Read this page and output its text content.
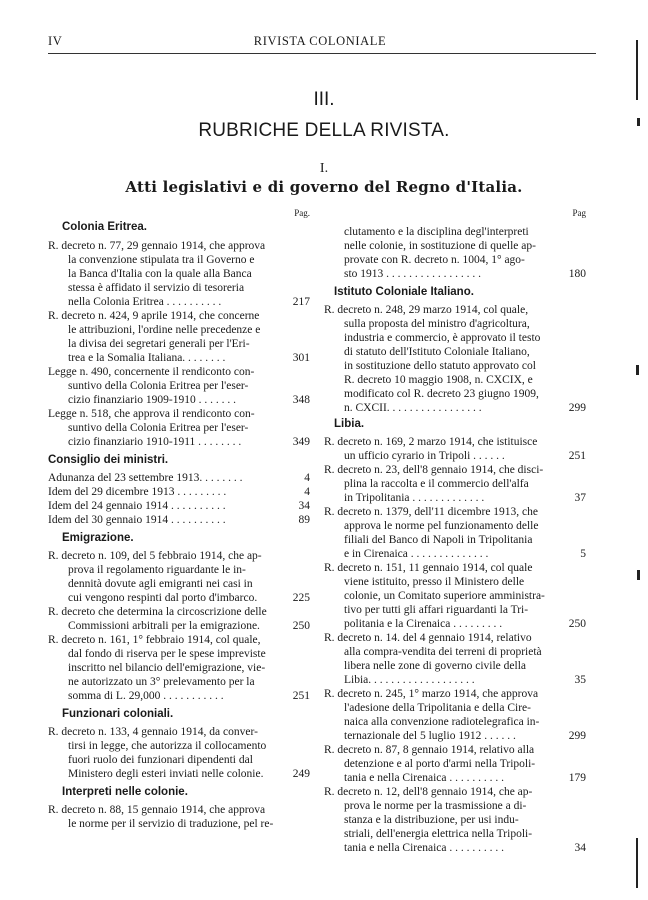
IV	RIVISTA COLONIALE
III.
RUBRICHE DELLA RIVISTA.
I.
Atti legislativi e di governo del Regno d'Italia.
Pag.
Colonia Eritrea.
R. decreto n. 77, 29 gennaio 1914, che approva
la convenzione stipulata tra il Governo e
la Banca d'Italia con la quale alla Banca
stessa è affidato il servizio di tesoreria
nella Colonia Eritrea . . . . . . . . . .	217
R. decreto n. 424, 9 aprile 1914, che concerne
le attribuzioni, l'ordine nelle precedenze e
la divisa dei segretari generali per l'Eri-
trea e la Somalia Italiana. . . . . . . .	301
Legge n. 490, concernente il rendiconto con-
suntivo della Colonia Eritrea per l'eser-
cizio finanziario 1909-1910 . . . . . . .	348
Legge n. 518, che approva il rendiconto con-
suntivo della Colonia Eritrea per l'eser-
cizio finanziario 1910-1911 . . . . . . . .	349
Consiglio dei ministri.
Adunanza del 23 settembre 1913. . . . . . . .	4
Idem del 29 dicembre 1913 . . . . . . . . .	4
Idem del 24 gennaio 1914 . . . . . . . . . .	34
Idem del 30 gennaio 1914 . . . . . . . . . .	89
Emigrazione.
R. decreto n. 109, del 5 febbraio 1914, che ap-
prova il regolamento riguardante le in-
dennità dovute agli emigranti nei casi in
cui vengono respinti dal porto d'imbarco.	225
R. decreto che determina la circoscrizione delle
Commissioni arbitrali per la emigrazione.	250
R. decreto n. 161, 1° febbraio 1914, col quale,
dal fondo di riserva per le spese impreviste
inscritto nel bilancio dell'emigrazione, vie-
ne autorizzato un 3° prelevamento per la
somma di L. 29,000 . . . . . . . . . . .	251
Funzionari coloniali.
R. decreto n. 133, 4 gennaio 1914, da conver-
tirsi in legge, che autorizza il collocamento
fuori ruolo dei funzionari dipendenti dal
Ministero degli esteri inviati nelle colonie.	249
Interpreti nelle colonie.
R. decreto n. 88, 15 gennaio 1914, che approva
le norme per il servizio di traduzione, pel re-
Pag
clutamento e la disciplina degl'interpreti
nelle colonie, in sostituzione di quelle ap-
provate con R. decreto n. 1004, 1° ago-
sto 1913 . . . . . . . . . . . . . . . . .	180
Istituto Coloniale Italiano.
R. decreto n. 248, 29 marzo 1914, col quale,
sulla proposta del ministro d'agricoltura,
industria e commercio, è approvato il testo
di statuto dell'Istituto Coloniale Italiano,
in sostituzione dello statuto approvato col
R. decreto 10 maggio 1908, n. CXCIX, e
modificato col R. decreto 23 giugno 1909,
n. CXCII. . . . . . . . . . . . . . . . .	299
Libia.
R. decreto n. 169, 2 marzo 1914, che istituisce
un ufficio cyrario in Tripoli . . . . . .	251
R. decreto n. 23, dell'8 gennaio 1914, che disci-
plina la raccolta e il commercio dell'alfa
in Tripolitania . . . . . . . . . . . . .	37
R. decreto n. 1379, dell'11 dicembre 1913, che
approva le norme pel funzionamento delle
filiali del Banco di Napoli in Tripolitania
e in Cirenaica . . . . . . . . . . . . . .	5
R. decreto n. 151, 11 gennaio 1914, col quale
viene istituito, presso il Ministero delle
colonie, un Comitato superiore amministra-
tivo per tutti gli affari riguardanti la Tri-
politania e la Cirenaica . . . . . . . . .	250
R. decreto n. 14. del 4 gennaio 1914, relativo
alla compra-vendita dei terreni di proprietà
libera nelle zone di governo civile della
Libia. . . . . . . . . . . . . . . . . . .	35
R. decreto n. 245, 1° marzo 1914, che approva
l'adesione della Tripolitania e della Cire-
naica alla convenzione radiotelegrafica in-
ternazionale del 5 luglio 1912 . . . . . .	299
R. decreto n. 87, 8 gennaio 1914, relativo alla
detenzione e al porto d'armi nella Tripoli-
tania e nella Cirenaica . . . . . . . . . .	179
R. decreto n. 12, dell'8 gennaio 1914, che ap-
prova le norme per la trasmissione a di-
stanza e la distribuzione, per usi indu-
striali, dell'energia elettrica nella Tripoli-
tania e nella Cirenaica . . . . . . . . . .	34
